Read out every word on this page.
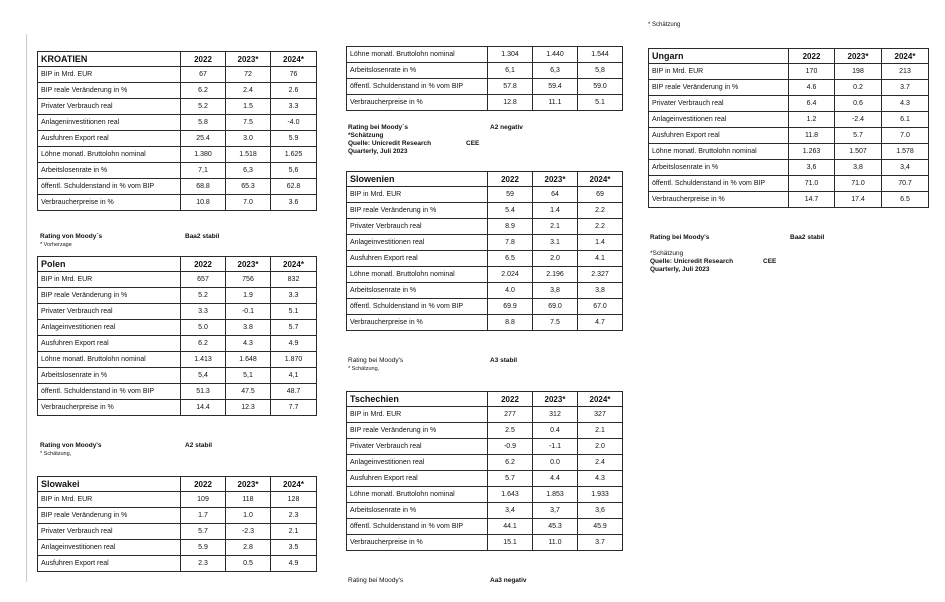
* Schätzung
KROATIEN	2022	2023*	2024*
BIP in Mrd. EUR	67	72	76
BIP reale Veränderung in %	6.2	2.4	2.6
Privater Verbrauch real	5.2	1.5	3.3
Anlageninvestitionen real	5.8	7.5	-4.0
Ausfuhren Export real	25.4	3.0	5.9
Löhne monatl. Bruttolohn nominal	1.380	1.518	1.625
Arbeitslosenrate in %	7,1	6,3	5,6
öffentl. Schuldenstand in % vom BIP	68.8	65.3	62.8
Verbraucherpreise in %	10.8	7.0	3.6
Rating von Moody´s	Baa2 stabil
* Vorherzage
Polen	2022	2023*	2024*
BIP in Mrd. EUR	657	756	832
BIP reale Veränderung in %	5.2	1.9	3.3
Privater Verbrauch real	3.3	-0.1	5.1
Anlageinvestitionen real	5.0	3.8	5.7
Ausfuhren Export real	6.2	4.3	4.9
Löhne monatl. Bruttolohn nominal	1.413	1.648	1.870
Arbeitslosenrate in %	5,4	5,1	4,1
öffentl. Schuldenstand in % vom BIP	51.3	47.5	48.7
Verbraucherpreise in %	14.4	12.3	7.7
Rating von Moody's	A2 stabil
* Schätzung,
Slowakei	2022	2023*	2024*
BIP in Mrd. EUR	109	118	128
BIP reale Veränderung in %	1.7	1.0	2.3
Privater Verbrauch real	5.7	-2.3	2.1
Anlageinvestitionen real	5.9	2.8	3.5
Ausfuhren Export real	2.3	0.5	4.9
Löhne monatl. Bruttolohn nominal	1.304	1.440	1.544
Arbeitslosenrate in %	6,1	6,3	5,8
öffentl. Schuldenstand in % vom BIP	57.8	59.4	59.0
Verbraucherpreise in %	12.8	11.1	5.1
Rating bei Moody´s	A2 negativ
*Schätzung
Quelle: Unicredit Research	CEE
Quarterly, Juli 2023
Slowenien	2022	2023*	2024*
BIP in Mrd. EUR	59	64	69
BIP reale Veränderung in %	5.4	1.4	2.2
Privater Verbrauch real	8.9	2.1	2.2
Anlageinvestitionen real	7.8	3.1	1.4
Ausfuhren Export real	6.5	2.0	4.1
Löhne monatl. Bruttolohn nominal	2.024	2.196	2.327
Arbeitslosenrate in %	4.0	3,8	3,8
öffentl. Schuldenstand in % vom BIP	69.9	69.0	67.0
Verbraucherpreise in %	8.8	7.5	4.7
Rating bei Moody's	A3 stabil
* Schätzung,
Tschechien	2022	2023*	2024*
BIP in Mrd. EUR	277	312	327
BIP reale Veränderung in %	2.5	0.4	2.1
Privater Verbrauch real	-0.9	-1.1	2.0
Anlageinvestitionen real	6.2	0.0	2.4
Ausfuhren Export real	5.7	4.4	4.3
Löhne monatl. Bruttolohn nominal	1.643	1.853	1.933
Arbeitslosenrate in %	3,4	3,7	3,6
öffentl. Schuldenstand in % vom BIP	44.1	45.3	45.9
Verbraucherpreise in %	15.1	11.0	3.7
Rating bei Moody's	Aa3 negativ
Ungarn	2022	2023*	2024*
BIP in Mrd. EUR	170	198	213
BIP reale Veränderung in %	4.6	0.2	3.7
Privater Verbrauch real	6.4	0.6	4.3
Anlageinvestitionen real	1.2	-2.4	6.1
Ausfuhren Export real	11.8	5.7	7.0
Löhne monatl. Bruttolohn nominal	1.263	1.507	1.578
Arbeitslosenrate in %	3,6	3,8	3,4
öffentl. Schuldenstand in % vom BIP	71.0	71.0	70.7
Verbraucherpreise in %	14.7	17.4	6.5
Rating bei Moody's	Baa2 stabil
*Schätzung
Quelle: Unicredit Research	CEE
Quarterly, Juli 2023
